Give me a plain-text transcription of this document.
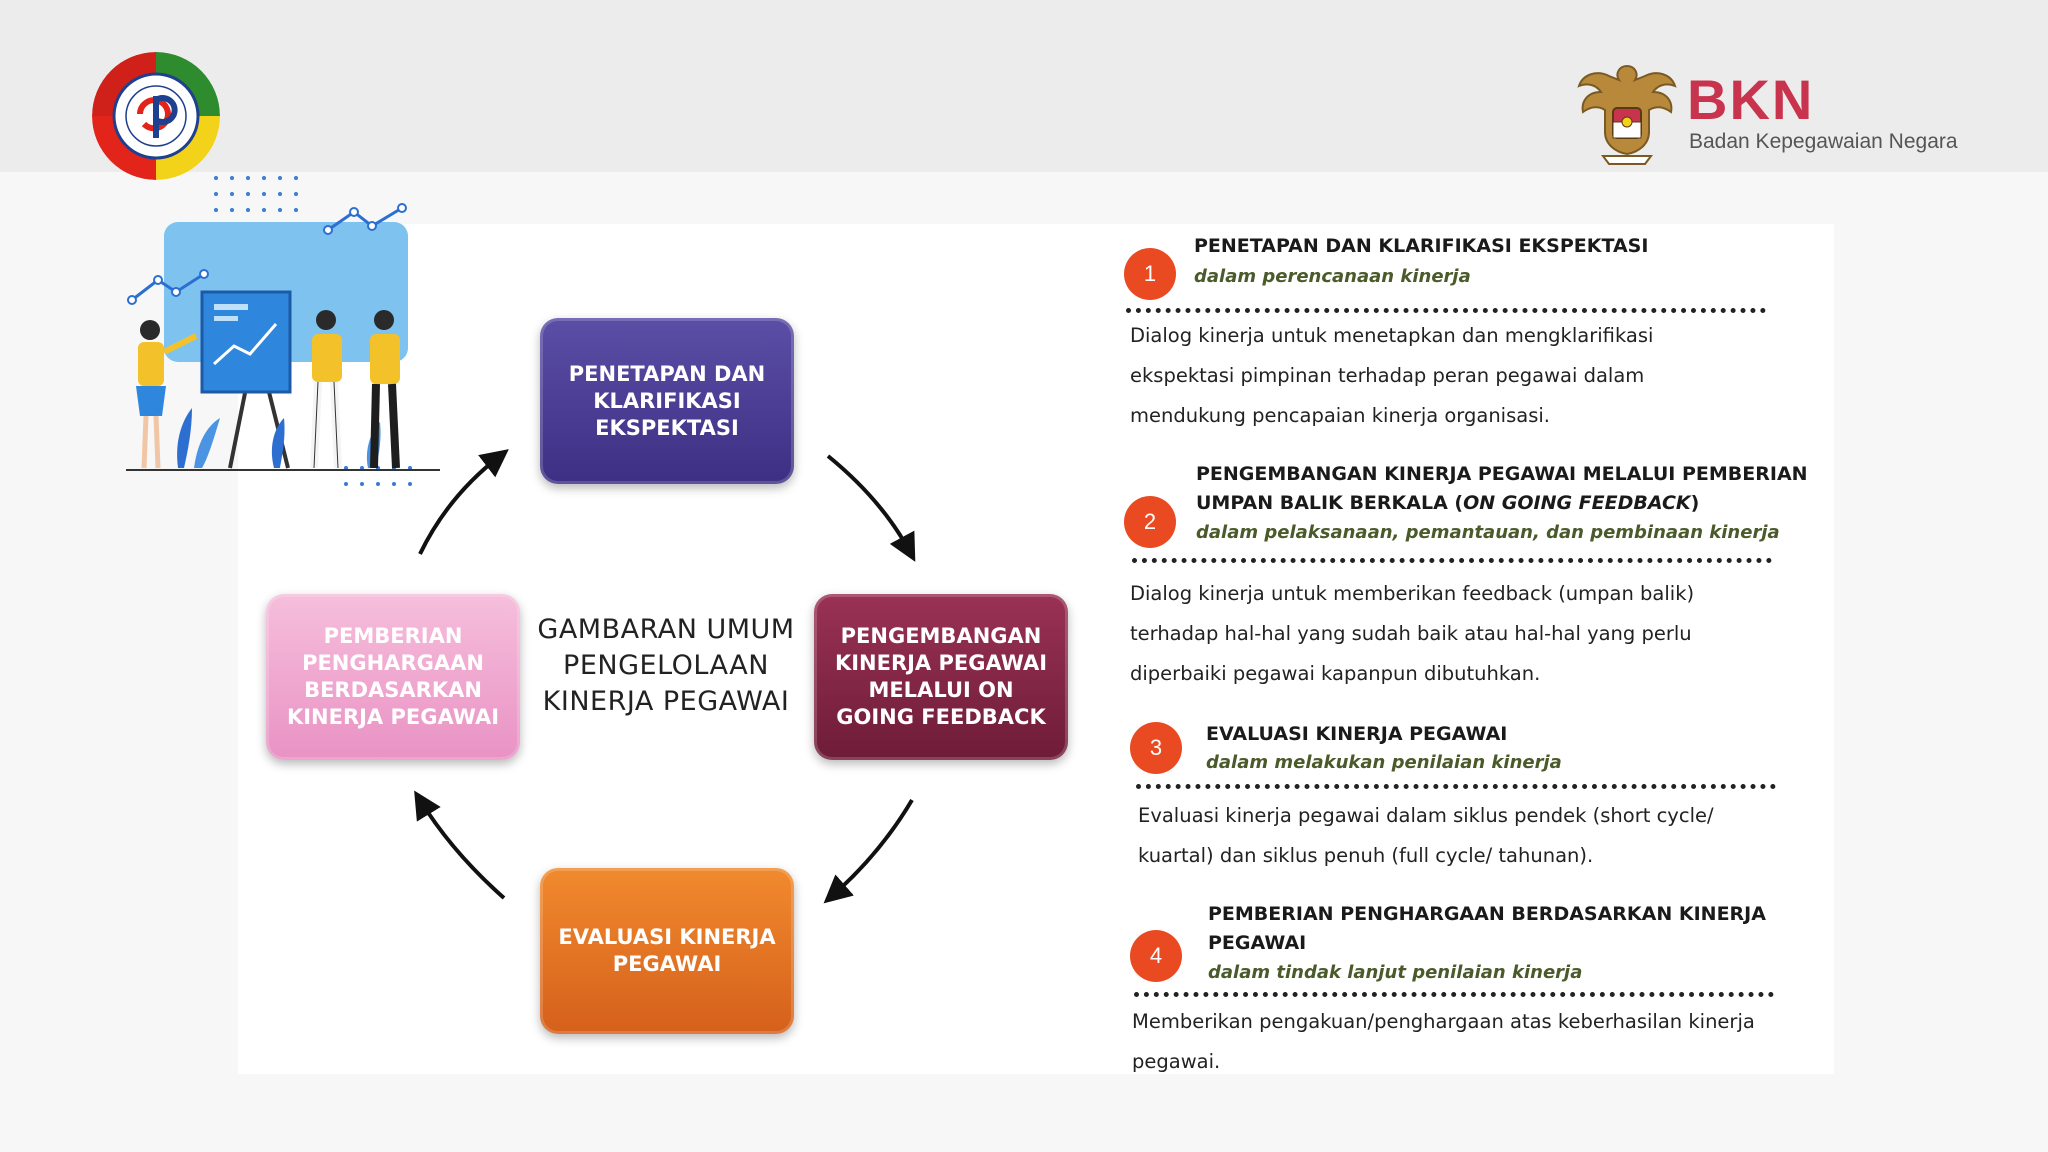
BKN
Badan Kepegawaian Negara
PENETAPAN DAN KLARIFIKASI EKSPEKTASI
PENGEMBANGAN KINERJA PEGAWAI MELALUI ON GOING FEEDBACK
EVALUASI KINERJA PEGAWAI
PEMBERIAN PENGHARGAAN BERDASARKAN KINERJA PEGAWAI
GAMBARAN UMUM PENGELOLAAN KINERJA PEGAWAI
1
PENETAPAN DAN KLARIFIKASI EKSPEKTASI
dalam perencanaan kinerja
Dialog kinerja untuk menetapkan dan mengklarifikasi ekspektasi pimpinan terhadap peran pegawai dalam mendukung pencapaian kinerja organisasi.
2
PENGEMBANGAN KINERJA PEGAWAI MELALUI PEMBERIAN UMPAN BALIK BERKALA (ON GOING FEEDBACK)
dalam pelaksanaan, pemantauan, dan pembinaan kinerja
Dialog kinerja untuk memberikan feedback (umpan balik) terhadap hal-hal yang sudah baik atau hal-hal yang perlu diperbaiki pegawai kapanpun dibutuhkan.
3
EVALUASI KINERJA PEGAWAI
dalam melakukan penilaian kinerja
Evaluasi kinerja pegawai dalam siklus pendek (short cycle/ kuartal) dan siklus penuh (full cycle/ tahunan).
4
PEMBERIAN PENGHARGAAN BERDASARKAN KINERJA PEGAWAI
dalam tindak lanjut penilaian kinerja
Memberikan pengakuan/penghargaan atas keberhasilan kinerja pegawai.
